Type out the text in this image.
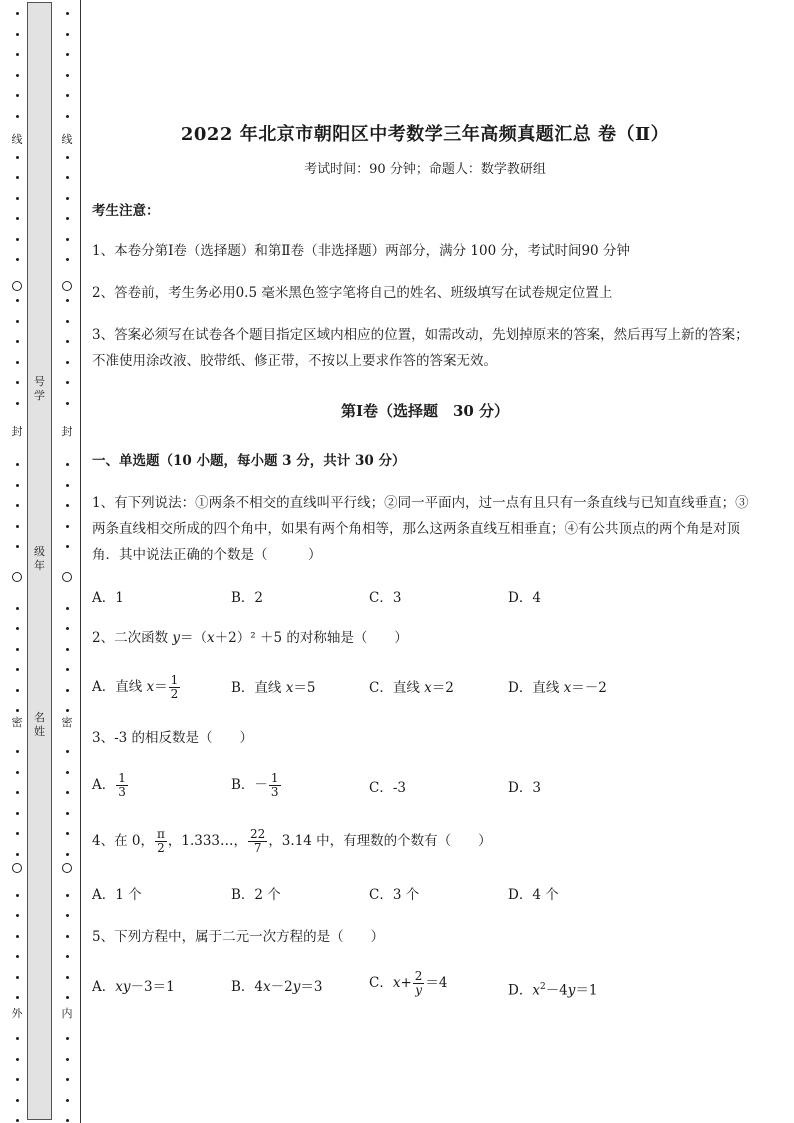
线
封
密
外
号
学
级
年
名
姓
线
封
密
内
2022 年北京市朝阳区中考数学三年高频真题汇总 卷（Ⅱ）
考试时间：90 分钟；命题人：数学教研组
考生注意：
1、本卷分第Ⅰ卷（选择题）和第Ⅱ卷（非选择题）两部分，满分 100 分，考试时间90 分钟
2、答卷前，考生务必用0.5 毫米黑色签字笔将自己的姓名、班级填写在试卷规定位置上
3、答案必须写在试卷各个题目指定区域内相应的位置，如需改动，先划掉原来的答案，然后再写上新的答案；不准使用涂改液、胶带纸、修正带，不按以上要求作答的答案无效。
第Ⅰ卷（选择题　30 分）
一、单选题（10 小题，每小题 3 分，共计 30 分）
1、有下列说法：①两条不相交的直线叫平行线；②同一平面内，过一点有且只有一条直线与已知直线垂直；③两条直线相交所成的四个角中，如果有两个角相等，那么这两条直线互相垂直；④有公共顶点的两个角是对顶角．其中说法正确的个数是（　　　）
A．1	B．2	C．3	D．4
2、二次函数 y＝（x＋2）² ＋5 的对称轴是（　　）
A．直线 $x= \frac{1}{2}$	B．直线 x＝5	C．直线 x＝2	D．直线 x＝－2
3、-3 的相反数是（　　）
A． $\frac{1}{3}$	B．－ $\frac{1}{3}$	C．-3	D．3
4、在 0， $\frac{\pi}{2}$ ，1.333…， $\frac{22}{7}$ ，3.14 中，有理数的个数有（　　）
A．1 个	B．2 个	C．3 个	D．4 个
5、下列方程中，属于二元一次方程的是（　　）
A．xy－3＝1	B．4x－2y＝3	C．$x+ \frac{2}{y} =4$	D．$x^2-4y=1$
